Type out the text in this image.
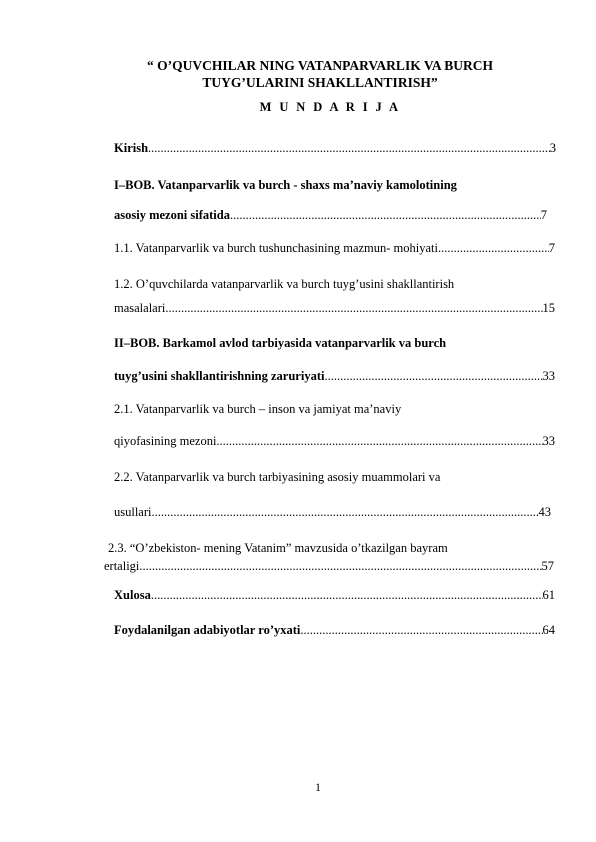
“ O’QUVCHILAR NING VATANPARVARLIK VA BURCH
TUYG’ULARINI SHAKLLANTIRISH”
M U N D A R I J A
Kirish .....	3
I–BOB. Vatanparvarlik va burch - shaxs ma’naviy kamolotining
asosiy mezoni sifatida .....	7
1.1. Vatanparvarlik va burch tushunchasining mazmun- mohiyati .....	7
1.2. O’quvchilarda vatanparvarlik va burch tuyg’usini shakllantirish
masalalari .....	15
II–BOB. Barkamol avlod tarbiyasida vatanparvarlik va burch
tuyg’usini shakllantirishning zaruriyati .....	33
2.1. Vatanparvarlik va burch – inson va jamiyat ma’naviy
qiyofasining mezoni .....	33
2.2. Vatanparvarlik va burch tarbiyasining asosiy muammolari va
usullari .....	43
2.3. “O’zbekiston- mening Vatanim” mavzusida o’tkazilgan bayram
ertaligi .....	57
Xulosa .....	61
Foydalanilgan adabiyotlar ro’yxati .....	64
1
